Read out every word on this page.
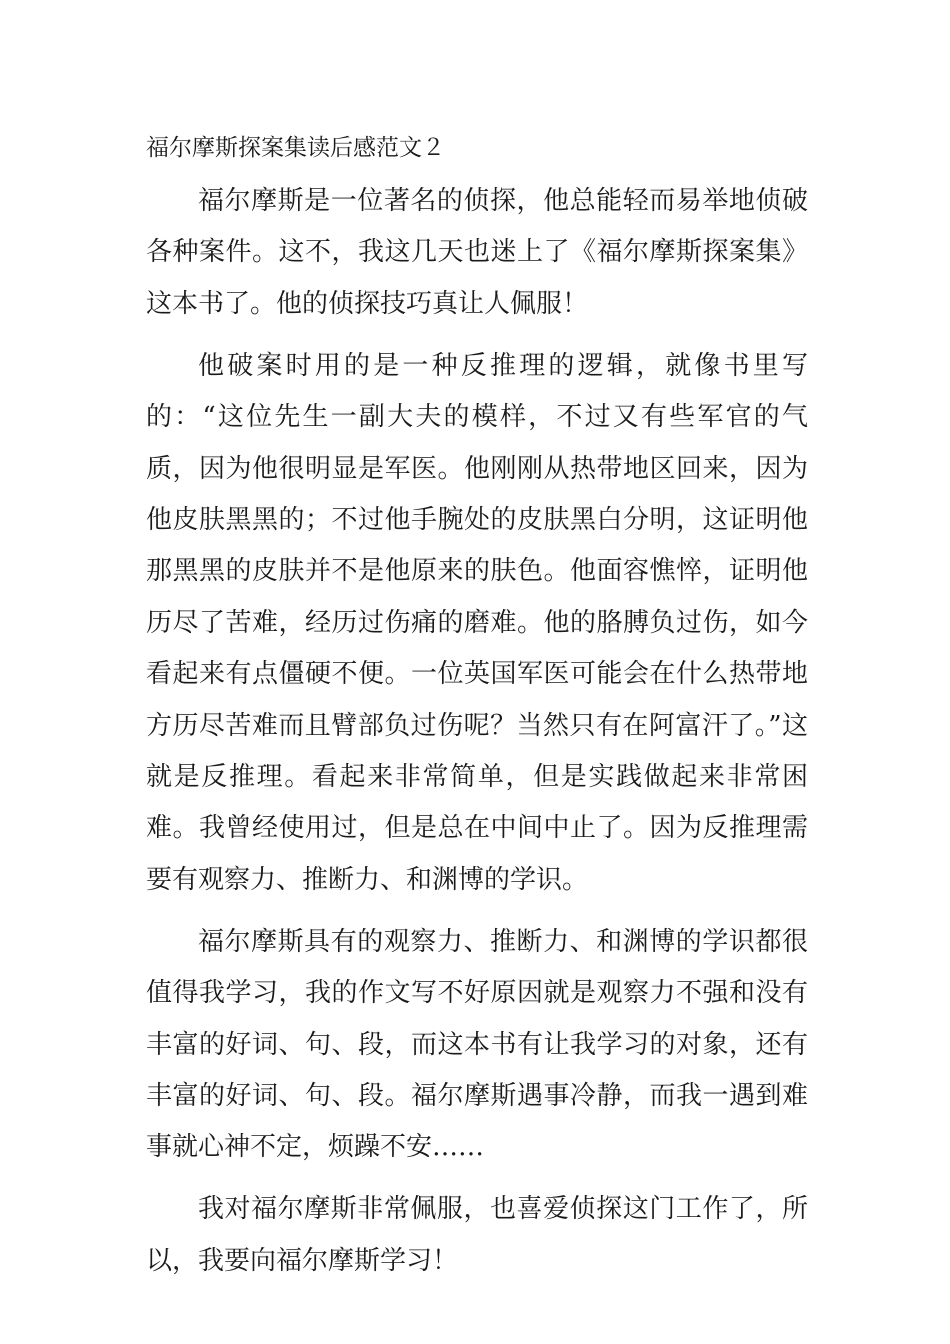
福尔摩斯探案集读后感范文２

福尔摩斯是一位著名的侦探，他总能轻而易举地侦破各种案件。这不，我这几天也迷上了《福尔摩斯探案集》这本书了。他的侦探技巧真让人佩服！

他破案时用的是一种反推理的逻辑，就像书里写的：“这位先生一副大夫的模样，不过又有些军官的气质，因为他很明显是军医。他刚刚从热带地区回来，因为他皮肤黑黑的；不过他手腕处的皮肤黑白分明，这证明他那黑黑的皮肤并不是他原来的肤色。他面容憔悴，证明他历尽了苦难，经历过伤痛的磨难。他的胳膊负过伤，如今看起来有点僵硬不便。一位英国军医可能会在什么热带地方历尽苦难而且臂部负过伤呢？当然只有在阿富汗了。”这就是反推理。看起来非常简单，但是实践做起来非常困难。我曾经使用过，但是总在中间中止了。因为反推理需要有观察力、推断力、和渊博的学识。

福尔摩斯具有的观察力、推断力、和渊博的学识都很值得我学习，我的作文写不好原因就是观察力不强和没有丰富的好词、句、段，而这本书有让我学习的对象，还有丰富的好词、句、段。福尔摩斯遇事冷静，而我一遇到难事就心神不定，烦躁不安……

我对福尔摩斯非常佩服，也喜爱侦探这门工作了，所以，我要向福尔摩斯学习！
